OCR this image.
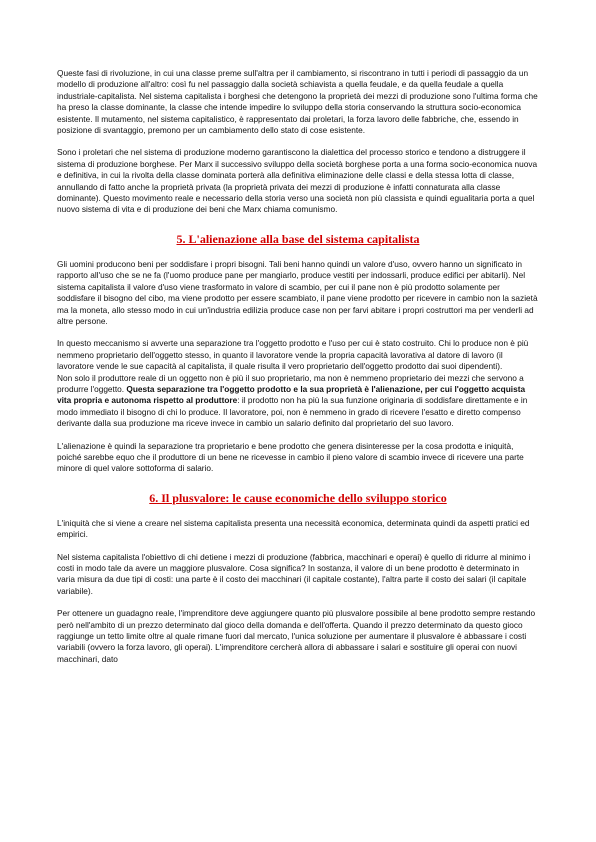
Queste fasi di rivoluzione, in cui una classe preme sull'altra per il cambiamento, si riscontrano in tutti i periodi di passaggio da un modello di produzione all'altro: così fu nel passaggio dalla società schiavista a quella feudale, e da quella feudale a quella industriale-capitalista. Nel sistema capitalista i borghesi che detengono la proprietà dei mezzi di produzione sono l'ultima forma che ha preso la classe dominante, la classe che intende impedire lo sviluppo della storia conservando la struttura socio-economica esistente. Il mutamento, nel sistema capitalistico, è rappresentato dai proletari, la forza lavoro delle fabbriche, che, essendo in posizione di svantaggio, premono per un cambiamento dello stato di cose esistente.

Sono i proletari che nel sistema di produzione moderno garantiscono la dialettica del processo storico e tendono a distruggere il sistema di produzione borghese. Per Marx il successivo sviluppo della società borghese porta a una forma socio-economica nuova e definitiva, in cui la rivolta della classe dominata porterà alla definitiva eliminazione delle classi e della stessa lotta di classe, annullando di fatto anche la proprietà privata (la proprietà privata dei mezzi di produzione è infatti connaturata alla classe dominante). Questo movimento reale e necessario della storia verso una società non più classista e quindi egualitaria porta a quel nuovo sistema di vita e di produzione dei beni che Marx chiama comunismo.

5. L'alienazione alla base del sistema capitalista

Gli uomini producono beni per soddisfare i propri bisogni. Tali beni hanno quindi un valore d'uso, ovvero hanno un significato in rapporto all'uso che se ne fa (l'uomo produce pane per mangiarlo, produce vestiti per indossarli, produce edifici per abitarli). Nel sistema capitalista il valore d'uso viene trasformato in valore di scambio, per cui il pane non è più prodotto solamente per soddisfare il bisogno del cibo, ma viene prodotto per essere scambiato, il pane viene prodotto per ricevere in cambio non la sazietà ma la moneta, allo stesso modo in cui un'industria edilizia produce case non per farvi abitare i propri costruttori ma per venderli ad altre persone.

In questo meccanismo si avverte una separazione tra l'oggetto prodotto e l'uso per cui è stato costruito. Chi lo produce non è più nemmeno proprietario dell'oggetto stesso, in quanto il lavoratore vende la propria capacità lavorativa al datore di lavoro (il lavoratore vende le sue capacità al capitalista, il quale risulta il vero proprietario dell'oggetto prodotto dai suoi dipendenti).

Non solo il produttore reale di un oggetto non è più il suo proprietario, ma non è nemmeno proprietario dei mezzi che servono a produrre l'oggetto. Questa separazione tra l'oggetto prodotto e la sua proprietà è l'alienazione, per cui l'oggetto acquista vita propria e autonoma rispetto al produttore: il prodotto non ha più la sua funzione originaria di soddisfare direttamente e in modo immediato il bisogno di chi lo produce. Il lavoratore, poi, non è nemmeno in grado di ricevere l'esatto e diretto compenso derivante dalla sua produzione ma riceve invece in cambio un salario definito dal proprietario del suo lavoro.

L'alienazione è quindi la separazione tra proprietario e bene prodotto che genera disinteresse per la cosa prodotta e iniquità, poiché sarebbe equo che il produttore di un bene ne ricevesse in cambio il pieno valore di scambio invece di ricevere una parte minore di quel valore sottoforma di salario.

6. Il plusvalore: le cause economiche dello sviluppo storico

L'iniquità che si viene a creare nel sistema capitalista presenta una necessità economica, determinata quindi da aspetti pratici ed empirici.

Nel sistema capitalista l'obiettivo di chi detiene i mezzi di produzione (fabbrica, macchinari e operai) è quello di ridurre al minimo i costi in modo tale da avere un maggiore plusvalore. Cosa significa? In sostanza, il valore di un bene prodotto è determinato in varia misura da due tipi di costi: una parte è il costo dei macchinari (il capitale costante), l'altra parte il costo dei salari (il capitale variabile).

Per ottenere un guadagno reale, l'imprenditore deve aggiungere quanto più plusvalore possibile al bene prodotto sempre restando però nell'ambito di un prezzo determinato dal gioco della domanda e dell'offerta. Quando il prezzo determinato da questo gioco raggiunge un tetto limite oltre al quale rimane fuori dal mercato, l'unica soluzione per aumentare il plusvalore è abbassare i costi variabili (ovvero la forza lavoro, gli operai). L'imprenditore cercherà allora di abbassare i salari e sostituire gli operai con nuovi macchinari, dato
